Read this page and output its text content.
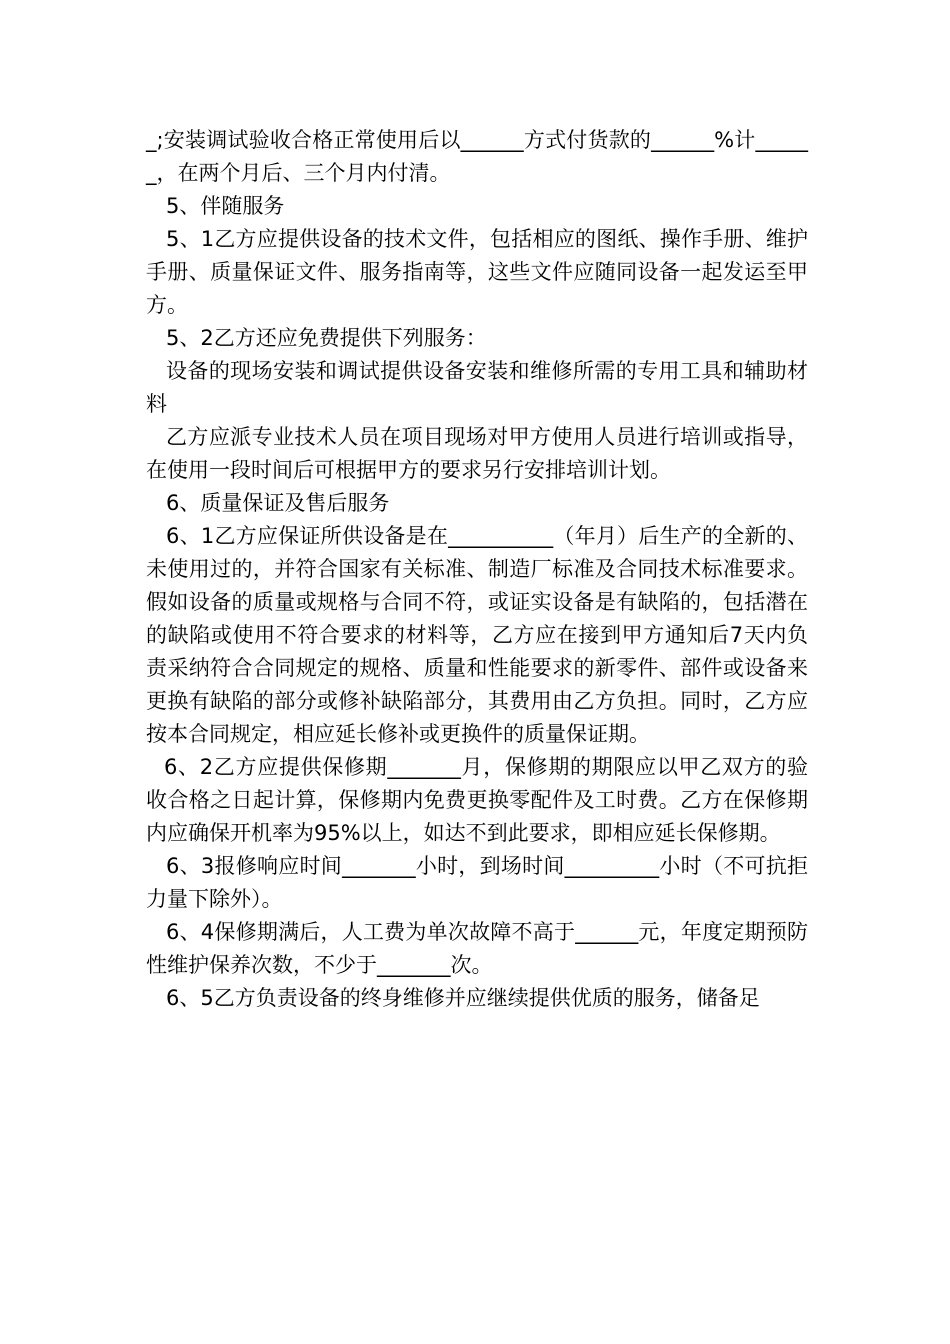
_;安装调试验收合格正常使用后以______方式付货款的______%计______，在两个月后、三个月内付清。

5、伴随服务

5、1乙方应提供设备的技术文件，包括相应的图纸、操作手册、维护手册、质量保证文件、服务指南等，这些文件应随同设备一起发运至甲方。

5、2乙方还应免费提供下列服务：

设备的现场安装和调试提供设备安装和维修所需的专用工具和辅助材料

乙方应派专业技术人员在项目现场对甲方使用人员进行培训或指导，在使用一段时间后可根据甲方的要求另行安排培训计划。

6、质量保证及售后服务

6、1乙方应保证所供设备是在__________（年月）后生产的全新的、未使用过的，并符合国家有关标准、制造厂标准及合同技术标准要求。假如设备的质量或规格与合同不符，或证实设备是有缺陷的，包括潜在的缺陷或使用不符合要求的材料等，乙方应在接到甲方通知后7天内负责采纳符合合同规定的规格、质量和性能要求的新零件、部件或设备来更换有缺陷的部分或修补缺陷部分，其费用由乙方负担。同时，乙方应按本合同规定，相应延长修补或更换件的质量保证期。

6、2乙方应提供保修期_______月，保修期的期限应以甲乙双方的验收合格之日起计算，保修期内免费更换零配件及工时费。乙方在保修期内应确保开机率为95%以上，如达不到此要求，即相应延长保修期。

6、3报修响应时间_______小时，到场时间_________小时（不可抗拒力量下除外）。

6、4保修期满后，人工费为单次故障不高于______元，年度定期预防性维护保养次数，不少于_______次。

6、5乙方负责设备的终身维修并应继续提供优质的服务，储备足
